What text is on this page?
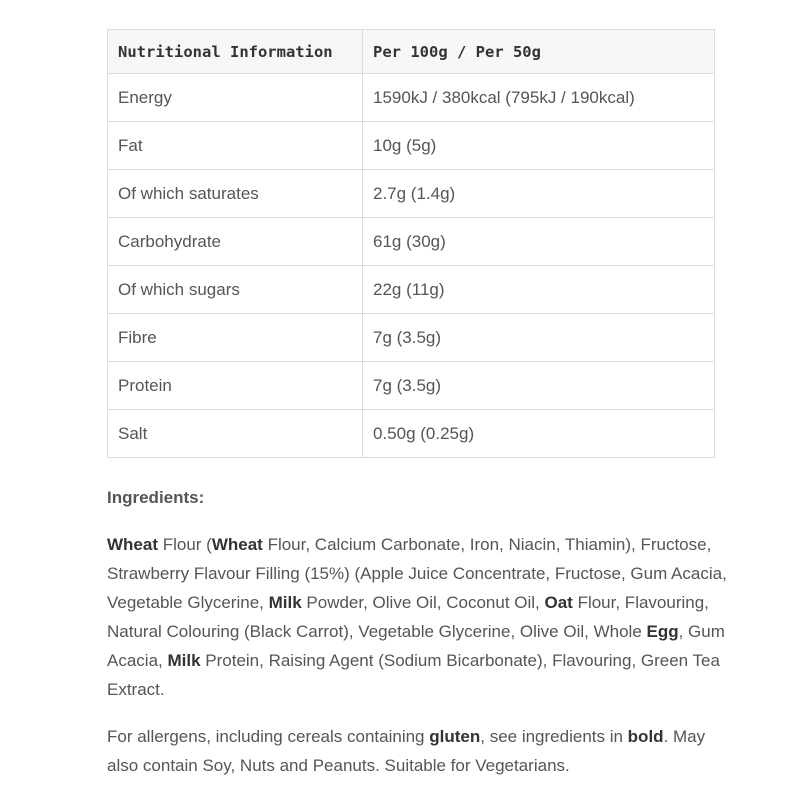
Nutritional Information	Per 100g / Per 50g
Energy	1590kJ / 380kcal (795kJ / 190kcal)
Fat	10g (5g)
Of which saturates	2.7g (1.4g)
Carbohydrate	61g (30g)
Of which sugars	22g (11g)
Fibre	7g (3.5g)
Protein	7g (3.5g)
Salt	0.50g (0.25g)

Ingredients:

Wheat Flour (Wheat Flour, Calcium Carbonate, Iron, Niacin, Thiamin), Fructose, Strawberry Flavour Filling (15%) (Apple Juice Concentrate, Fructose, Gum Acacia, Vegetable Glycerine, Milk Powder, Olive Oil, Coconut Oil, Oat Flour, Flavouring, Natural Colouring (Black Carrot), Vegetable Glycerine, Olive Oil, Whole Egg, Gum Acacia, Milk Protein, Raising Agent (Sodium Bicarbonate), Flavouring, Green Tea Extract.

For allergens, including cereals containing gluten, see ingredients in bold. May also contain Soy, Nuts and Peanuts. Suitable for Vegetarians.
